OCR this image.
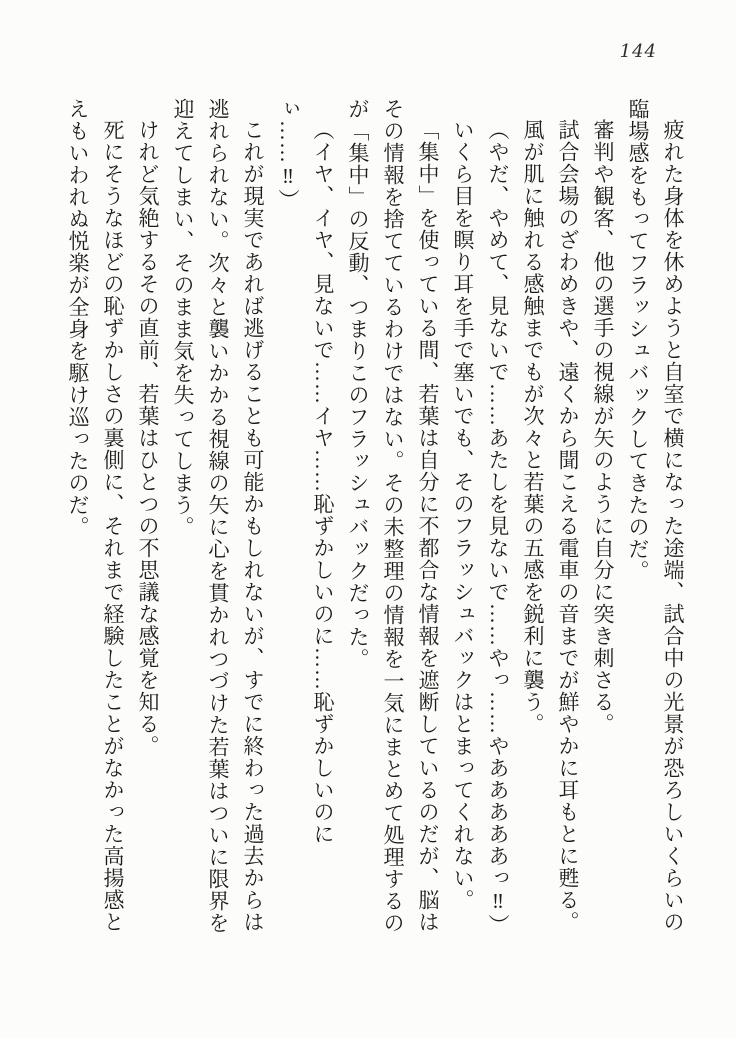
144

疲れた身体を休めようと自室で横になった途端、試合中の光景が恐ろしいくらいの臨場感をもってフラッシュバックしてきたのだ。

審判や観客、他の選手の視線が矢のように自分に突き刺さる。

試合会場のざわめきや、遠くから聞こえる電車の音までが鮮やかに耳もとに甦る。

風が肌に触れる感触までもが次々と若葉の五感を鋭利に襲う。

（やだ、やめて、見ないで……あたしを見ないで……やっ……やあああああっ‼）

いくら目を瞑り耳を手で塞いでも、そのフラッシュバックはとまってくれない。

「集中」を使っている間、若葉は自分に不都合な情報を遮断しているのだが、脳はその情報を捨てているわけではない。その未整理の情報を一気にまとめて処理するのが「集中」の反動、つまりこのフラッシュバックだった。

（イヤ、イヤ、見ないで……イヤ……恥ずかしいのに……恥ずかしいのにぃ……‼）

これが現実であれば逃げることも可能かもしれないが、すでに終わった過去からは逃れられない。次々と襲いかかる視線の矢に心を貫かれつづけた若葉はついに限界を迎えてしまい、そのまま気を失ってしまう。

けれど気絶するその直前、若葉はひとつの不思議な感覚を知る。

死にそうなほどの恥ずかしさの裏側に、それまで経験したことがなかった高揚感とえもいわれぬ悦楽が全身を駆け巡ったのだ。
